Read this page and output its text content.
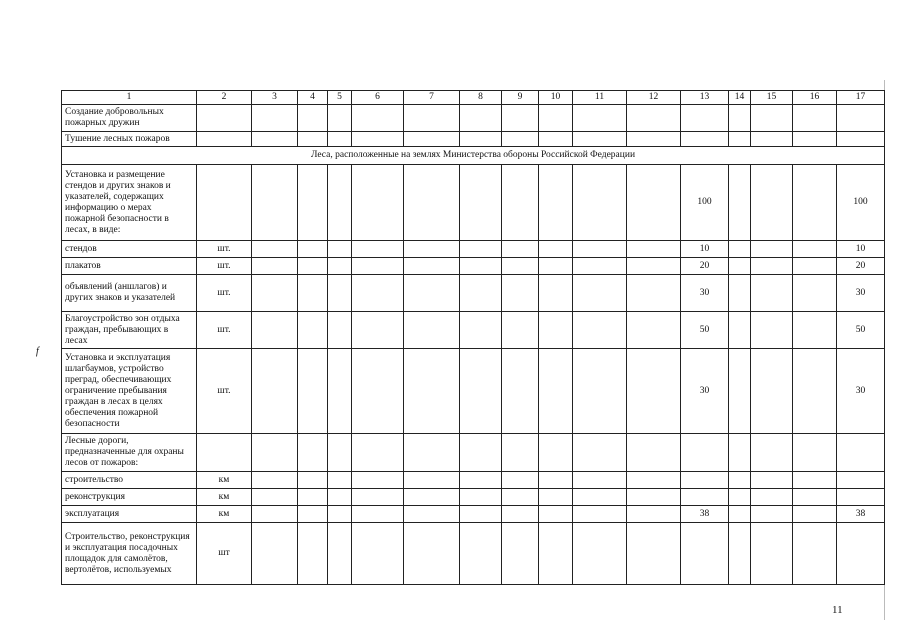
1	2	3	4	5	6	7	8	9	10	11	12	13	14	15	16	17
Создание добровольных пожарных дружин																
Тушение лесных пожаров																
Леса, расположенные на землях Министерства обороны Российской Федерации																
Установка и размещение стендов и других знаков и указателей, содержащих информацию о мерах пожарной безопасности в лесах, в виде:												100				100
стендов	шт.											10				10
плакатов	шт.											20				20
объявлений (аншлагов) и других знаков и указателей	шт.											30				30
Благоустройство зон отдыха граждан, пребывающих в лесах	шт.											50				50
Установка и эксплуатация шлагбаумов, устройство преград, обеспечивающих ограничение пребывания граждан в лесах в целях обеспечения пожарной безопасности	шт.											30				30
Лесные дороги, предназначенные для охраны лесов от пожаров:																
строительство	км															
реконструкция	км															
эксплуатация	км											38				38
Строительство, реконструкция и эксплуатация посадочных площадок для самолётов, вертолётов, используемых	шт															
f
11
